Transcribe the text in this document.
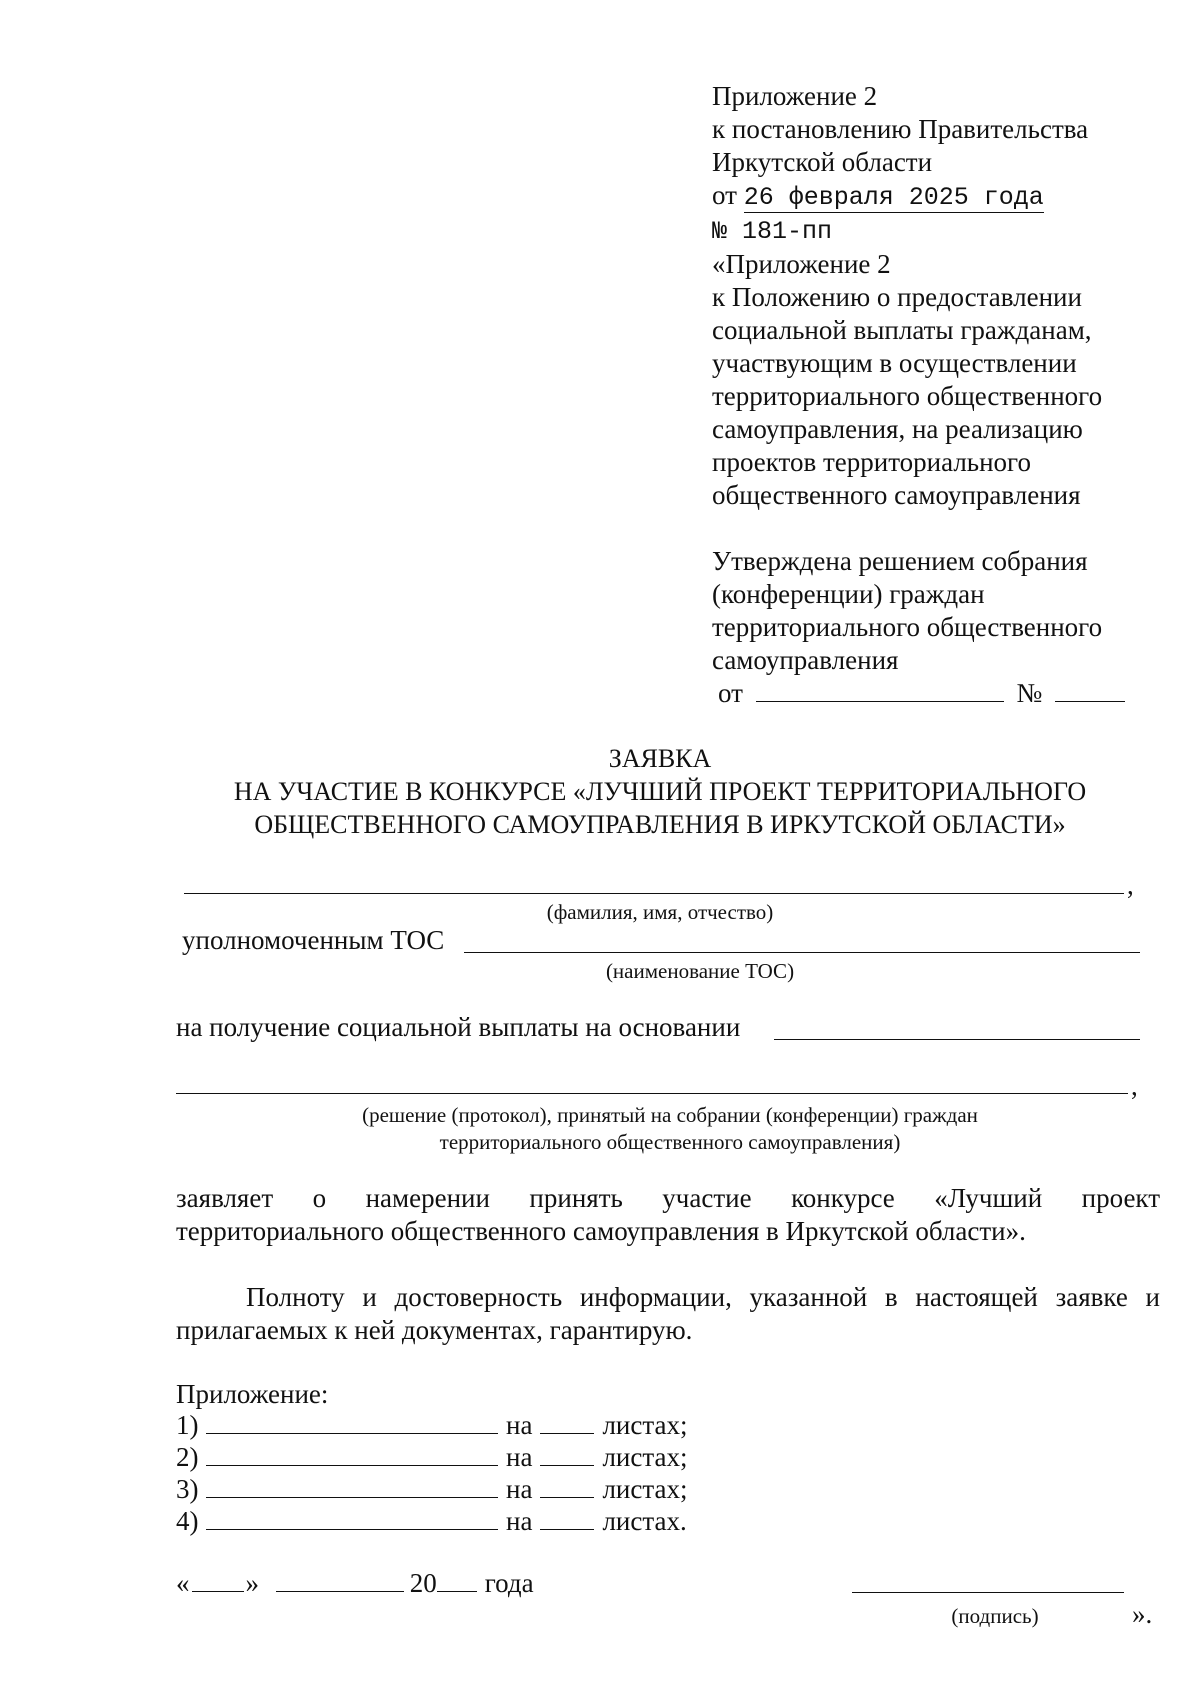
Приложение 2
к постановлению Правительства
Иркутской области
от 26 февраля 2025 года
№ 181-пп
«Приложение 2
к Положению о предоставлении
социальной выплаты гражданам,
участвующим в осуществлении
территориального общественного
самоуправления, на реализацию
проектов территориального
общественного самоуправления
Утверждена решением собрания
(конференции) граждан
территориального общественного
самоуправления
от	№
ЗАЯВКА
НА УЧАСТИЕ В КОНКУРСЕ «ЛУЧШИЙ ПРОЕКТ ТЕРРИТОРИАЛЬНОГО
ОБЩЕСТВЕННОГО САМОУПРАВЛЕНИЯ В ИРКУТСКОЙ ОБЛАСТИ»
,
(фамилия, имя, отчество)
уполномоченным ТОС
(наименование ТОС)
на получение социальной выплаты на основании
,
(решение (протокол), принятый на собрании (конференции) граждан
территориального общественного самоуправления)
заявляет о намерении принять участие конкурсе «Лучший проект
территориального общественного самоуправления в Иркутской области».
Полноту и достоверность информации, указанной в настоящей заявке и
прилагаемых к ней документах, гарантирую.
Приложение:
1)	на	листах;
2)	на	листах;
3)	на	листах;
4)	на	листах.
« »	20 года
(подпись)	».
